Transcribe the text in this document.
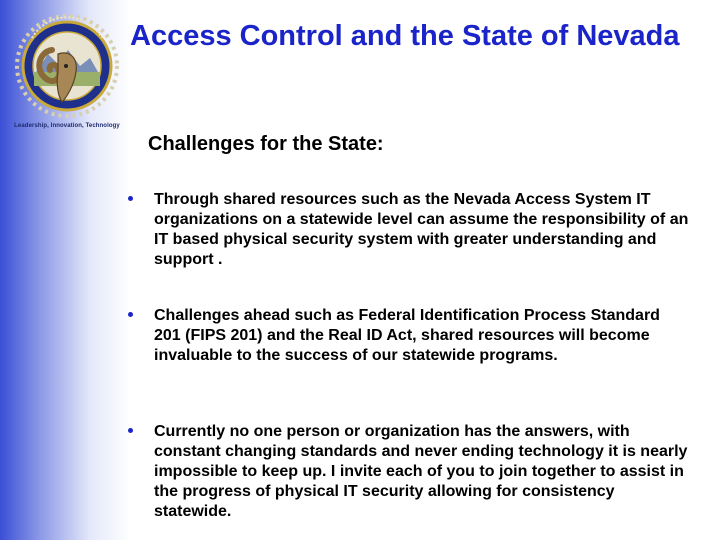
Leadership, Innovation, Technology
Access Control and the State of Nevada
Challenges for the State:
Through shared resources such as the Nevada Access System IT organizations on a statewide level can assume the responsibility of an IT based physical security system with greater understanding and support .
Challenges ahead such as Federal Identification Process Standard 201 (FIPS 201) and the Real ID Act, shared resources will become invaluable to the success of our statewide programs.
Currently no one person or organization has the answers, with constant changing standards and never ending technology it is nearly impossible to keep up. I invite each of you to join together to assist in the progress of physical IT security allowing for consistency statewide.
